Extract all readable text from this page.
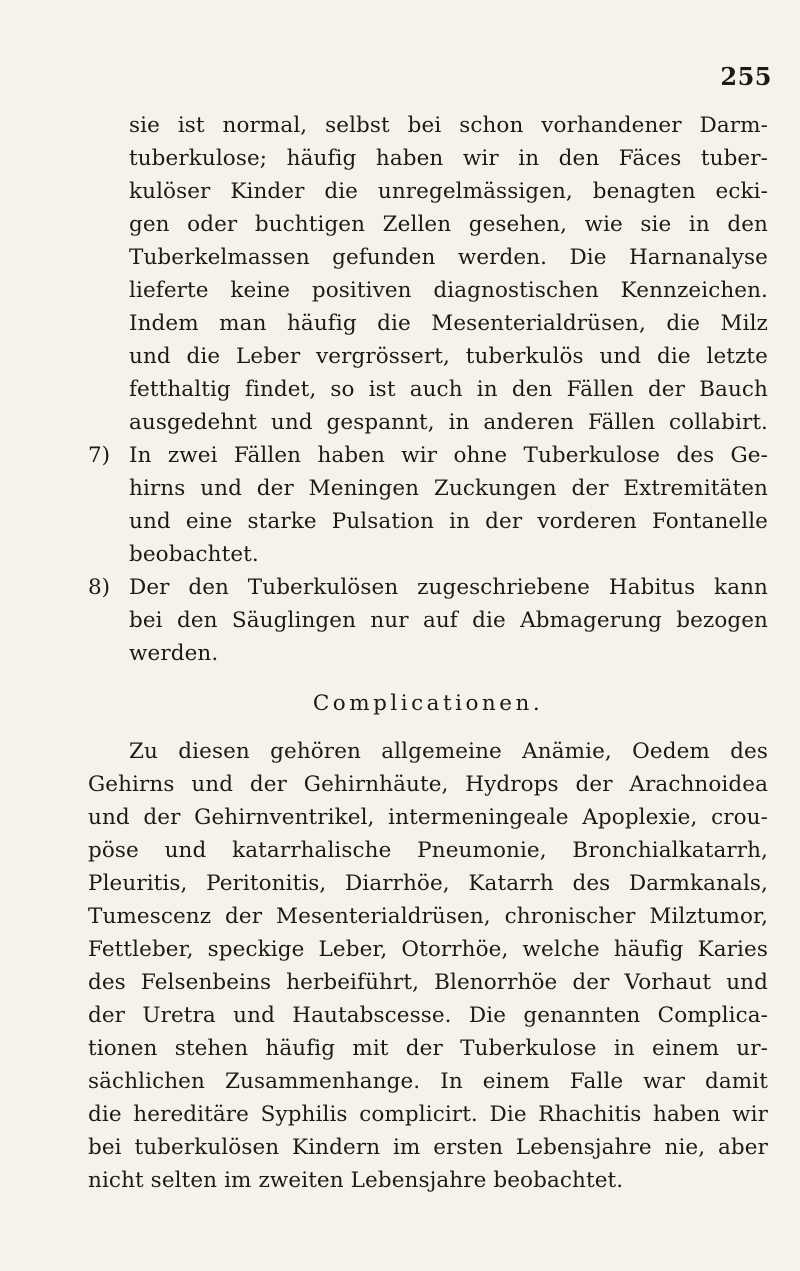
255
sie ist normal, selbst bei schon vorhandener Darm-
tuberkulose; häufig haben wir in den Fäces tuber-
kulöser Kinder die unregelmässigen, benagten ecki-
gen oder buchtigen Zellen gesehen, wie sie in den
Tuberkelmassen gefunden werden. Die Harnanalyse
lieferte keine positiven diagnostischen Kennzeichen.
Indem man häufig die Mesenterialdrüsen, die Milz
und die Leber vergrössert, tuberkulös und die letzte
fetthaltig findet, so ist auch in den Fällen der Bauch
ausgedehnt und gespannt, in anderen Fällen collabirt.
7) In zwei Fällen haben wir ohne Tuberkulose des Ge-
hirns und der Meningen Zuckungen der Extremitäten
und eine starke Pulsation in der vorderen Fontanelle
beobachtet.
8) Der den Tuberkulösen zugeschriebene Habitus kann
bei den Säuglingen nur auf die Abmagerung bezogen
werden.
Complicationen.
Zu diesen gehören allgemeine Anämie, Oedem des
Gehirns und der Gehirnhäute, Hydrops der Arachnoidea
und der Gehirnventrikel, intermeningeale Apoplexie, crou-
pöse und katarrhalische Pneumonie, Bronchialkatarrh,
Pleuritis, Peritonitis, Diarrhöe, Katarrh des Darmkanals,
Tumescenz der Mesenterialdrüsen, chronischer Milztumor,
Fettleber, speckige Leber, Otorrhöe, welche häufig Karies
des Felsenbeins herbeiführt, Blenorrhöe der Vorhaut und
der Uretra und Hautabscesse. Die genannten Complica-
tionen stehen häufig mit der Tuberkulose in einem ur-
sächlichen Zusammenhange. In einem Falle war damit
die hereditäre Syphilis complicirt. Die Rhachitis haben wir
bei tuberkulösen Kindern im ersten Lebensjahre nie, aber
nicht selten im zweiten Lebensjahre beobachtet.
